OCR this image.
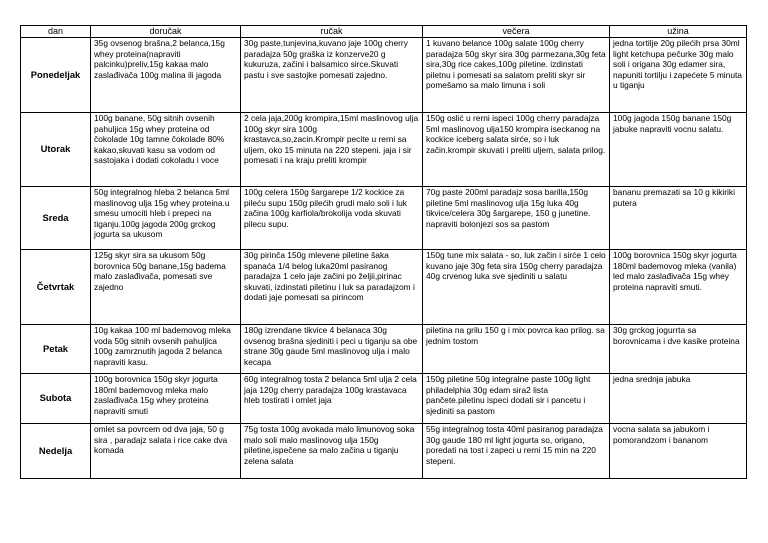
dan	doručak	ručak	večera	užina
Ponedeljak	35g ovsenog brašna,2 belanca,15g whey proteina(napraviti palcinku)preliv,15g kakaa malo zaslađivača 100g malina ili jagoda	30g paste,tunjevina,kuvano jaje 100g cherry paradajza 50g graška iz konzerve20 g kukuruza, začini i balsamico sirce.Skuvati pastu i sve sastojke pomesati zajedno.	1 kuvano belance 100g salate 100g cherry paradajza 50g skyr sira 30g parmezana,30g feta sira,30g rice cakes,100g piletine. izdinstati piletnu i pomesati sa salatom preliti skyr sir pomešamo sa malo limuna i soli	jedna tortilje 20g pilećih prsa 30ml light ketchupa pečurke 30g malo soli i origana 30g edamer sira, napuniti tortilju i zapećete 5 minuta u tiganju
Utorak	100g banane, 50g sitnih ovsenih pahuljica 15g whey proteina od čokolade 10g tamne čokolade 80% kakao,skuvati kasu sa vodom od sastojaka i dodati cokoladu i voce	2 cela jaja,200g krompira,15ml maslinovog ulja 100g skyr sira 100g krastavca,so,zacin.Krompir pecite u rerni sa uljem, oko 15 minuta na 220 stepeni. jaja i sir pomesati i na kraju preliti krompir	150g oslić u rerni ispeci 100g cherry paradajza 5ml maslinovog ulja150 krompira iseckanog na kockice iceberg salata sirće, so i luk začin.krompir skuvati i preliti uljem, salata prilog.	100g jagoda 150g banane 150g jabuke napraviti vocnu salatu.
Sreda	50g integralnog hleba 2 belanca 5ml maslinovog ulja 15g whey proteina.u smesu umociti hleb i prepeci na tiganju.100g jagoda 200g grckog jogurta sa ukusom	100g celera 150g šargarepe 1/2 kockice za pileću supu 150g pilećih grudi malo soli i luk začina 100g karfiola/brokolija voda skuvati pilecu supu.	70g paste 200ml paradajz sosa barilla,150g piletine 5ml maslinovog ulja 15g luka 40g tikvice/celera 30g šargarepe, 150 g junetine. napraviti bolonjezi sos sa pastom	bananu premazati sa 10 g kikiriki putera
Četvrtak	125g skyr sira sa ukusom 50g borovnica 50g banane,15g badema malo zaslađivača, pomesati sve zajedno	30g pirinča 150g mlevene piletine šaka spanaća 1/4 belog luka20ml pasiranog paradajza 1 celo jaje začini po željii,pirinac skuvati, izdinstati piletinu i luk sa paradajzom i dodati jaje pomesati sa pirincom	150g tune mix salata - so, luk začin i sirće 1 celo kuvano jaje 30g feta sira 150g cherry paradajza 40g crvenog luka sve sjediniti u salatu	100g borovnica 150g skyr jogurta 180ml bademovog mleka (vanila) led malo zaslađivača 15g whey proteina napraviti smuti.
Petak	10g kakaa 100 ml bademovog mleka voda 50g sitnih ovsenih pahuljica 100g zamrznutih jagoda 2 belanca napraviti kasu.	180g izrendane tikvice 4 belanaca 30g ovsenog brašna sjediniti i peci u tiganju sa obe strane 30g gaude 5ml maslinovog ulja i malo kecapa	piletina na grilu 150 g i mix povrca kao prilog. sa jednim tostom	30g grckog jogurrta sa borovnicama i dve kasike proteina
Subota	100g borovnica 150g skyr jogurta 180ml bademovog mleka malo zaslađivača 15g whey proteina napraviti smuti	60g integralnog tosta 2 belanca 5ml ulja 2 cela jaja 120g cherry paradajza 100g krastavaca hleb tostirati i omlet jaja	150g piletine 50g integralne paste 100g light philadelphia 30g edam sira2 lista pančete.piletinu ispeci dodati sir i pancetu i sjediniti sa pastom	jedna srednja jabuka
Nedelja	omlet sa povrcem od dva jaja, 50 g sira , paradajz salata i rice cake dva komada	75g tosta 100g avokada malo limunovog soka malo soli malo maslinovog ulja 150g piletine,ispečene sa malo začina u tiganju zelena salata	55g integralnog tosta 40ml pasiranog paradajza 30g gaude 180 ml light jogurta so, origano, poredati na tost i zapeci u rerni 15 min na 220 stepeni.	vocna salata sa jabukom i pomorandzom i bananom
